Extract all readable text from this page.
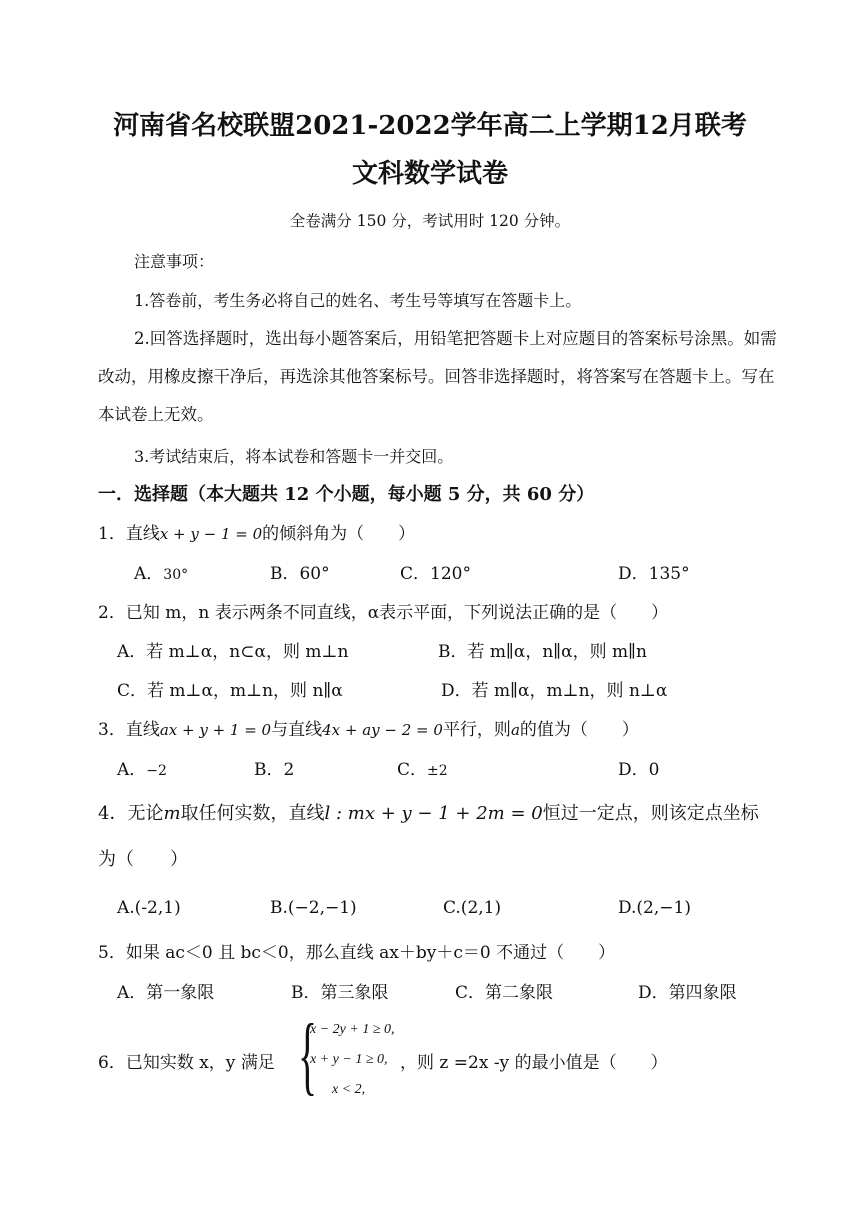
河南省名校联盟2021-2022学年高二上学期12月联考
文科数学试卷
全卷满分 150 分，考试用时 120 分钟。
注意事项：
1.答卷前，考生务必将自己的姓名、考生号等填写在答题卡上。
2.回答选择题时，选出每小题答案后，用铅笔把答题卡上对应题目的答案标号涂黑。如需改动，用橡皮擦干净后，再选涂其他答案标号。回答非选择题时，将答案写在答题卡上。写在本试卷上无效。
3.考试结束后，将本试卷和答题卡一并交回。
一．选择题（本大题共 12 个小题，每小题 5 分，共 60 分）
1．直线x + y − 1 = 0的倾斜角为（　　）
A．30°	B．60°	C．120°	D．135°
2．已知 m，n 表示两条不同直线，α表示平面，下列说法正确的是（　　）
A．若 m⊥α，n⊂α，则 m⊥n	B．若 m∥α，n∥α，则 m∥n
C．若 m⊥α，m⊥n，则 n∥α	D．若 m∥α，m⊥n，则 n⊥α
3．直线ax + y + 1 = 0与直线4x + ay − 2 = 0平行，则a的值为（　　）
A．−2	B．2	C．±2	D．0
4．无论m取任何实数，直线l : mx + y − 1 + 2m = 0恒过一定点，则该定点坐标
为（　　）
A.(-2,1)	B.(−2,−1)	C.(2,1)	D.(2,−1)
5．如果 ac＜0 且 bc＜0，那么直线 ax＋by＋c＝0 不通过（　　）
A．第一象限	B．第三象限	C．第二象限	D．第四象限
6．已知实数 x，y 满足 {
x − 2y + 1 ≥ 0,
x + y − 1 ≥ 0,
x < 2,
，则 z =2x -y 的最小值是（　　）
